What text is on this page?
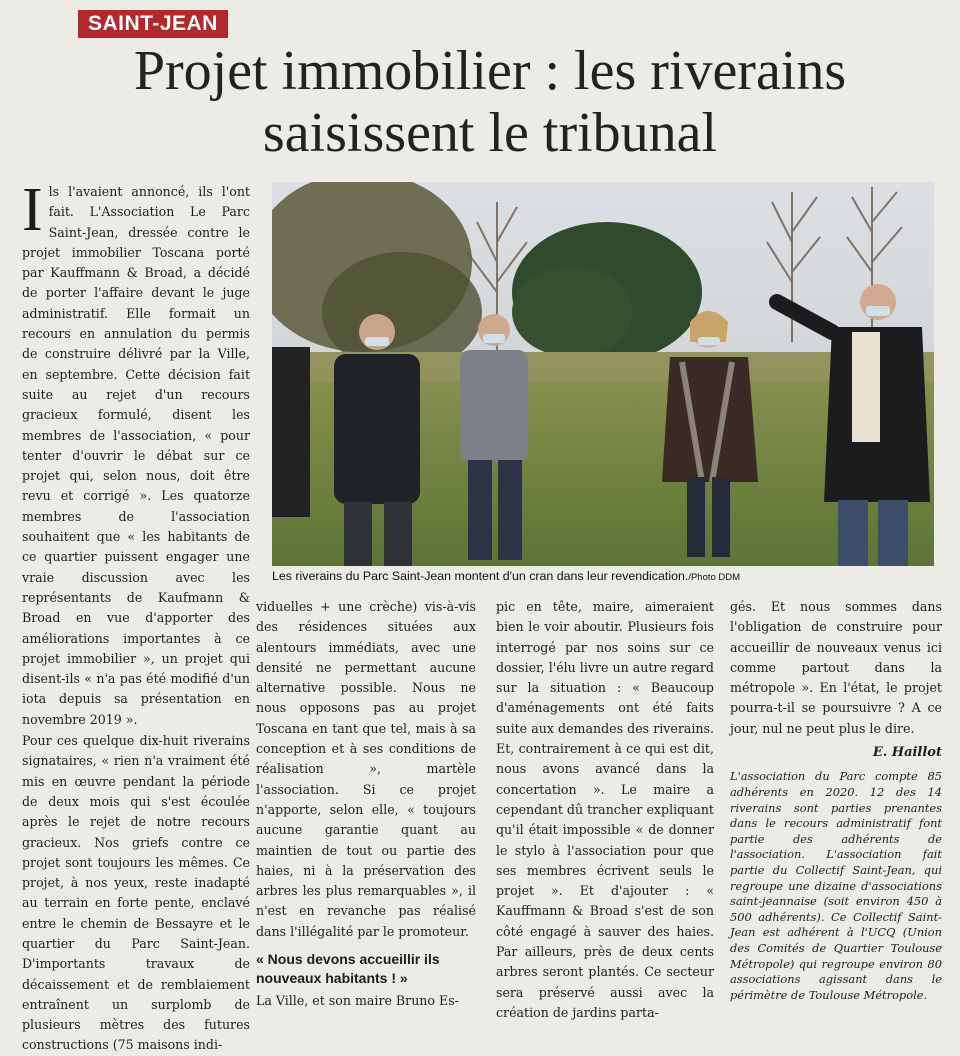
SAINT-JEAN
Projet immobilier : les riverains saisissent le tribunal

Ils l'avaient annoncé, ils l'ont fait. L'Association Le Parc Saint-Jean, dressée contre le projet immobilier Toscana porté par Kauffmann & Broad, a décidé de porter l'affaire devant le juge administratif. Elle formait un recours en annulation du permis de construire délivré par la Ville, en septembre. Cette décision fait suite au rejet d'un recours gracieux formulé, disent les membres de l'association, « pour tenter d'ouvrir le débat sur ce projet qui, selon nous, doit être revu et corrigé ». Les quatorze membres de l'association souhaitent que « les habitants de ce quartier puissent engager une vraie discussion avec les représentants de Kaufmann & Broad en vue d'apporter des améliorations importantes à ce projet immobilier », un projet qui disent-ils « n'a pas été modifié d'un iota depuis sa présentation en novembre 2019 ».

Pour ces quelque dix-huit riverains signataires, « rien n'a vraiment été mis en œuvre pendant la période de deux mois qui s'est écoulée après le rejet de notre recours gracieux. Nos griefs contre ce projet sont toujours les mêmes. Ce projet, à nos yeux, reste inadapté au terrain en forte pente, enclavé entre le chemin de Bessayre et le quartier du Parc Saint-Jean. D'importants travaux de décaissement et de remblaiement entraînent un surplomb de plusieurs mètres des futures constructions (75 maisons indi-

Les riverains du Parc Saint-Jean montent d'un cran dans leur revendication./Photo DDM

viduelles + une crèche) vis-à-vis des résidences situées aux alentours immédiats, avec une densité ne permettant aucune alternative possible. Nous ne nous opposons pas au projet Toscana en tant que tel, mais à sa conception et à ses conditions de réalisation », martèle l'association. Si ce projet n'apporte, selon elle, « toujours aucune garantie quant au maintien de tout ou partie des haies, ni à la préservation des arbres les plus remarquables », il n'est en revanche pas réalisé dans l'illégalité par le promoteur.

« Nous devons accueillir ils nouveaux habitants ! »

La Ville, et son maire Bruno Es-

pic en tête, maire, aimeraient bien le voir aboutir. Plusieurs fois interrogé par nos soins sur ce dossier, l'élu livre un autre regard sur la situation : « Beaucoup d'aménagements ont été faits suite aux demandes des riverains. Et, contrairement à ce qui est dit, nous avons avancé dans la concertation ». Le maire a cependant dû trancher expliquant qu'il était impossible « de donner le stylo à l'association pour que ses membres écrivent seuls le projet ». Et d'ajouter : « Kauffmann & Broad s'est de son côté engagé à sauver des haies. Par ailleurs, près de deux cents arbres seront plantés. Ce secteur sera préservé aussi avec la création de jardins parta-

gés. Et nous sommes dans l'obligation de construire pour accueillir de nouveaux venus ici comme partout dans la métropole ». En l'état, le projet pourra-t-il se poursuivre ? A ce jour, nul ne peut plus le dire.

E. Haillot

L'association du Parc compte 85 adhérents en 2020. 12 des 14 riverains sont parties prenantes dans le recours administratif font partie des adhérents de l'association. L'association fait partie du Collectif Saint-Jean, qui regroupe une dizaine d'associations saint-jeannaise (soit environ 450 à 500 adhérents). Ce Collectif Saint-Jean est adhérent à l'UCQ (Union des Comités de Quartier Toulouse Métropole) qui regroupe environ 80 associations agissant dans le périmètre de Toulouse Métropole.
